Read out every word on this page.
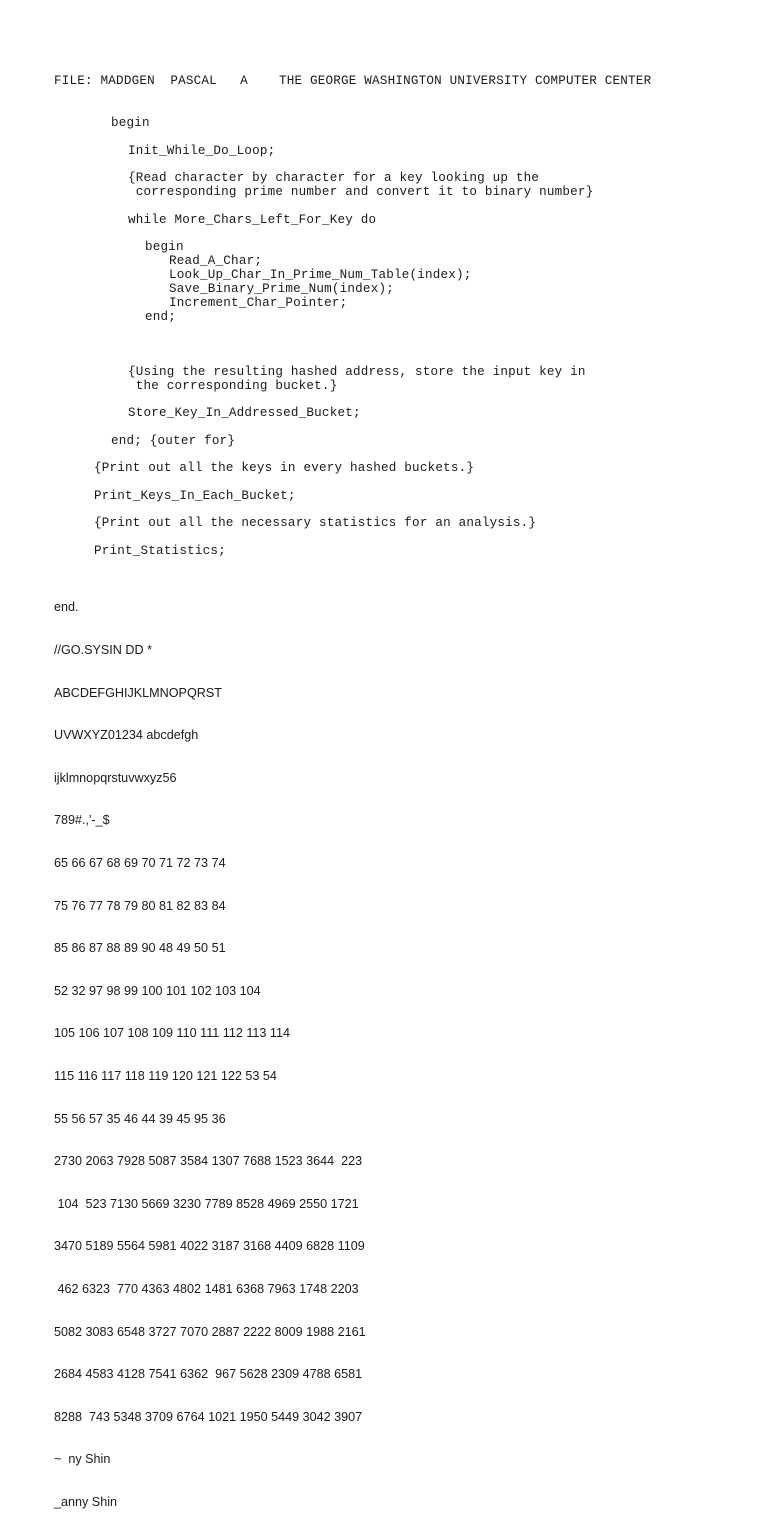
FILE: MADDGEN  PASCAL   A    THE GEORGE WASHINGTON UNIVERSITY COMPUTER CENTER
begin
Init_While_Do_Loop;
{Read character by character for a key looking up the
corresponding prime number and convert it to binary number}
while More_Chars_Left_For_Key do
begin
Read_A_Char;
Look_Up_Char_In_Prime_Num_Table(index);
Save_Binary_Prime_Num(index);
Increment_Char_Pointer;
end;
{Using the resulting hashed address, store the input key in
the corresponding bucket.}
Store_Key_In_Addressed_Bucket;
end; {outer for}
{Print out all the keys in every hashed buckets.}
Print_Keys_In_Each_Bucket;
{Print out all the necessary statistics for an analysis.}
Print_Statistics;

end.

//GO.SYSIN DD *

ABCDEFGHIJKLMNOPQRST

UVWXYZ01234 abcdefgh

ijklmnopqrstuvwxyz56

789#.,'-_$

65 66 67 68 69 70 71 72 73 74

75 76 77 78 79 80 81 82 83 84

85 86 87 88 89 90 48 49 50 51

52 32 97 98 99 100 101 102 103 104

105 106 107 108 109 110 111 112 113 114

115 116 117 118 119 120 121 122 53 54

55 56 57 35 46 44 39 45 95 36

2730 2063 7928 5087 3584 1307 7688 1523 3644  223

104  523 7130 5669 3230 7789 8528 4969 2550 1721

3470 5189 5564 5981 4022 3187 3168 4409 6828 1109

462 6323  770 4363 4802 1481 6368 7963 1748 2203

5082 3083 6548 3727 7070 2887 2222 8009 1988 2161

2684 4583 4128 7541 6362  967 5628 2309 4788 6581

8288  743 5348 3709 6764 1021 1950 5449 3042 3907

~  ny Shin

_anny Shin
